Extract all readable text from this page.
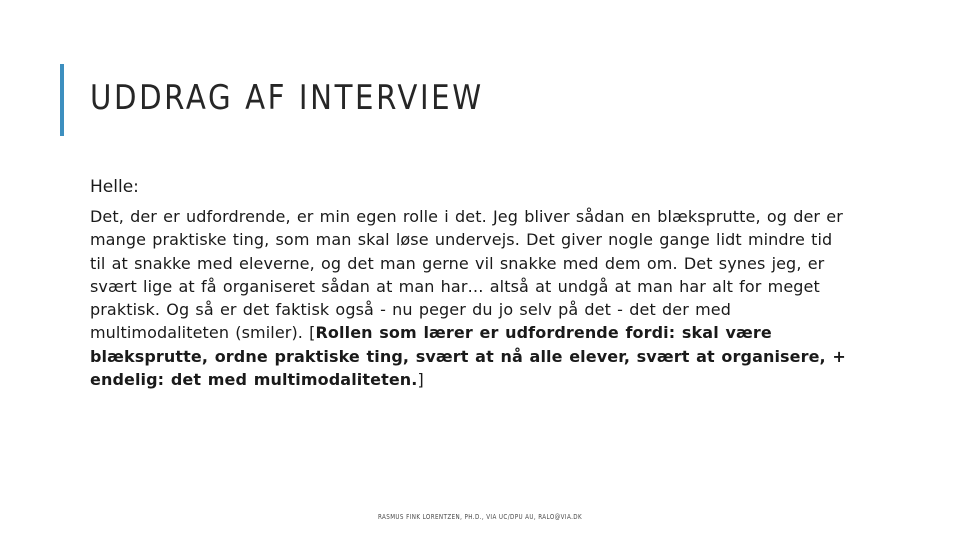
UDDRAG AF INTERVIEW

Helle:

Det, der er udfordrende, er min egen rolle i det. Jeg bliver sådan en blæksprutte, og der er mange praktiske ting, som man skal løse undervejs. Det giver nogle gange lidt mindre tid til at snakke med eleverne, og det man gerne vil snakke med dem om. Det synes jeg, er svært lige at få organiseret sådan at man har… altså at undgå at man har alt for meget praktisk. Og så er det faktisk også - nu peger du jo selv på det - det der med multimodaliteten (smiler). [Rollen som lærer er udfordrende fordi: skal være blæksprutte, ordne praktiske ting, svært at nå alle elever, svært at organisere, + endelig: det med multimodaliteten.]

RASMUS FINK LORENTZEN, PH.D., VIA UC/DPU AU, RALO@VIA.DK
